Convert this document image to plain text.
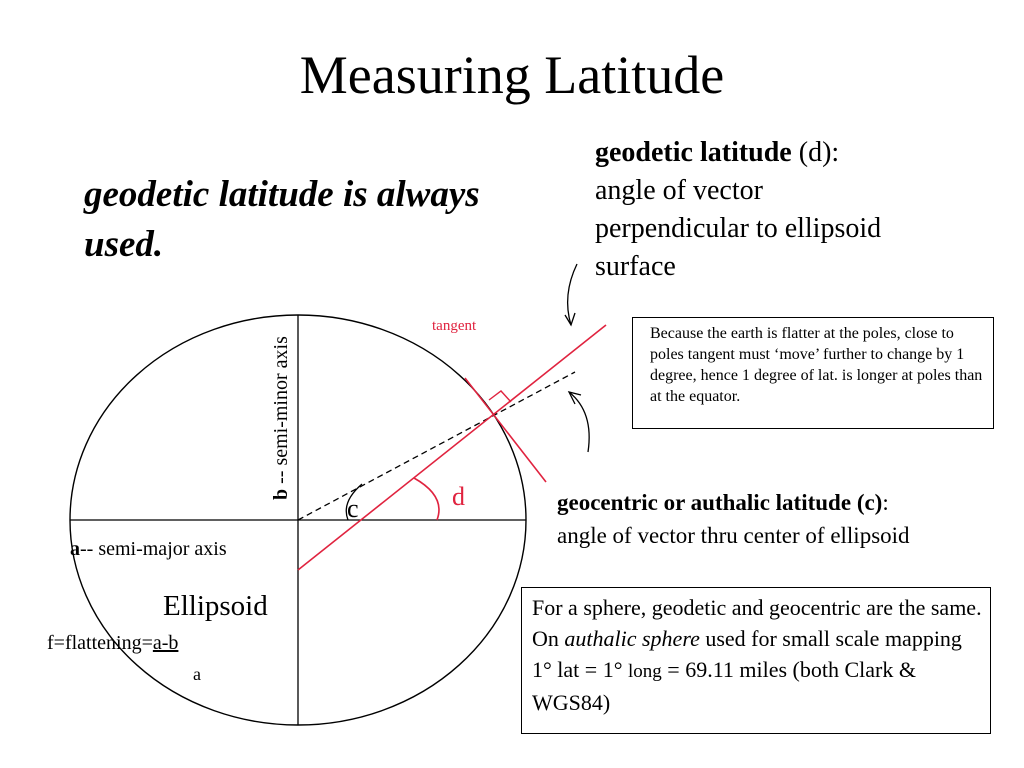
Measuring Latitude
geodetic latitude is always used.
geodetic latitude (d):
angle of vector perpendicular to ellipsoid surface
geocentric or authalic latitude (c):
angle of vector thru center of ellipsoid
Because the earth is flatter at the poles, close to poles tangent must ‘move’ further to change by 1 degree, hence 1 degree of lat. is longer at poles than at the equator.
For a sphere, geodetic and geocentric are the same. On authalic sphere used for small scale mapping 1° lat = 1° long = 69.11 miles (both Clark & WGS84)
tangent
c	d
a-- semi-major axis
b -- semi-minor axis
Ellipsoid
f=flattening=a-b
a
